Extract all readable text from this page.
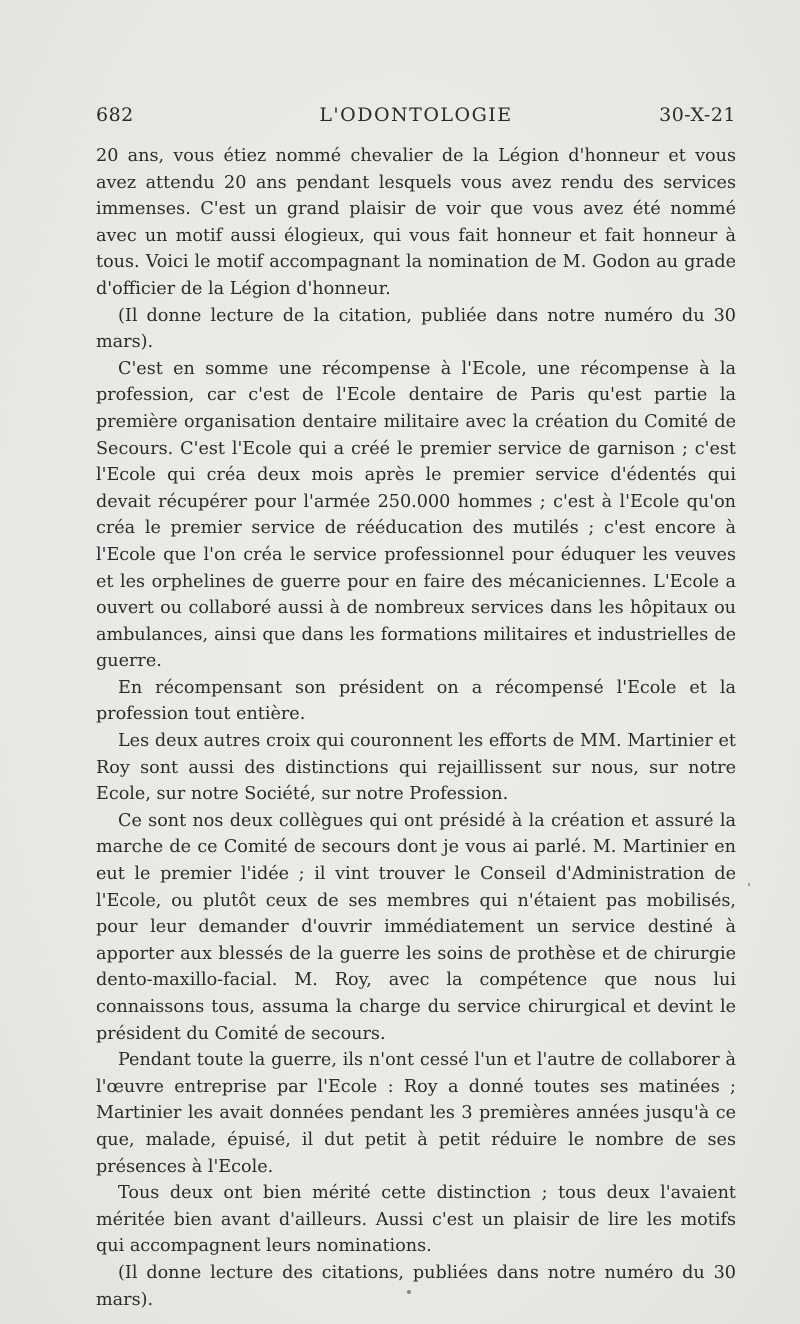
682	L'ODONTOLOGIE	30-X-21

20 ans, vous étiez nommé chevalier de la Légion d'honneur et vous avez attendu 20 ans pendant lesquels vous avez rendu des services immenses. C'est un grand plaisir de voir que vous avez été nommé avec un motif aussi élogieux, qui vous fait honneur et fait honneur à tous. Voici le motif accompagnant la nomination de M. Godon au grade d'officier de la Légion d'honneur.

(Il donne lecture de la citation, publiée dans notre numéro du 30 mars).

C'est en somme une récompense à l'Ecole, une récompense à la profession, car c'est de l'Ecole dentaire de Paris qu'est partie la première organisation dentaire militaire avec la création du Comité de Secours. C'est l'Ecole qui a créé le premier service de garnison ; c'est l'Ecole qui créa deux mois après le premier service d'édentés qui devait récupérer pour l'armée 250.000 hommes ; c'est à l'Ecole qu'on créa le premier service de rééducation des mutilés ; c'est encore à l'Ecole que l'on créa le service professionnel pour éduquer les veuves et les orphelines de guerre pour en faire des mécaniciennes. L'Ecole a ouvert ou collaboré aussi à de nombreux services dans les hôpitaux ou ambulances, ainsi que dans les formations militaires et industrielles de guerre.

En récompensant son président on a récompensé l'Ecole et la profession tout entière.

Les deux autres croix qui couronnent les efforts de MM. Martinier et Roy sont aussi des distinctions qui rejaillissent sur nous, sur notre Ecole, sur notre Société, sur notre Profession.

Ce sont nos deux collègues qui ont présidé à la création et assuré la marche de ce Comité de secours dont je vous ai parlé. M. Martinier en eut le premier l'idée ; il vint trouver le Conseil d'Administration de l'Ecole, ou plutôt ceux de ses membres qui n'étaient pas mobilisés, pour leur demander d'ouvrir immédiatement un service destiné à apporter aux blessés de la guerre les soins de prothèse et de chirurgie dento-maxillo-facial. M. Roy, avec la compétence que nous lui connaissons tous, assuma la charge du service chirurgical et devint le président du Comité de secours.

Pendant toute la guerre, ils n'ont cessé l'un et l'autre de collaborer à l'œuvre entreprise par l'Ecole : Roy a donné toutes ses matinées ; Martinier les avait données pendant les 3 premières années jusqu'à ce que, malade, épuisé, il dut petit à petit réduire le nombre de ses présences à l'Ecole.

Tous deux ont bien mérité cette distinction ; tous deux l'avaient méritée bien avant d'ailleurs. Aussi c'est un plaisir de lire les motifs qui accompagnent leurs nominations.

(Il donne lecture des citations, publiées dans notre numéro du 30 mars).
